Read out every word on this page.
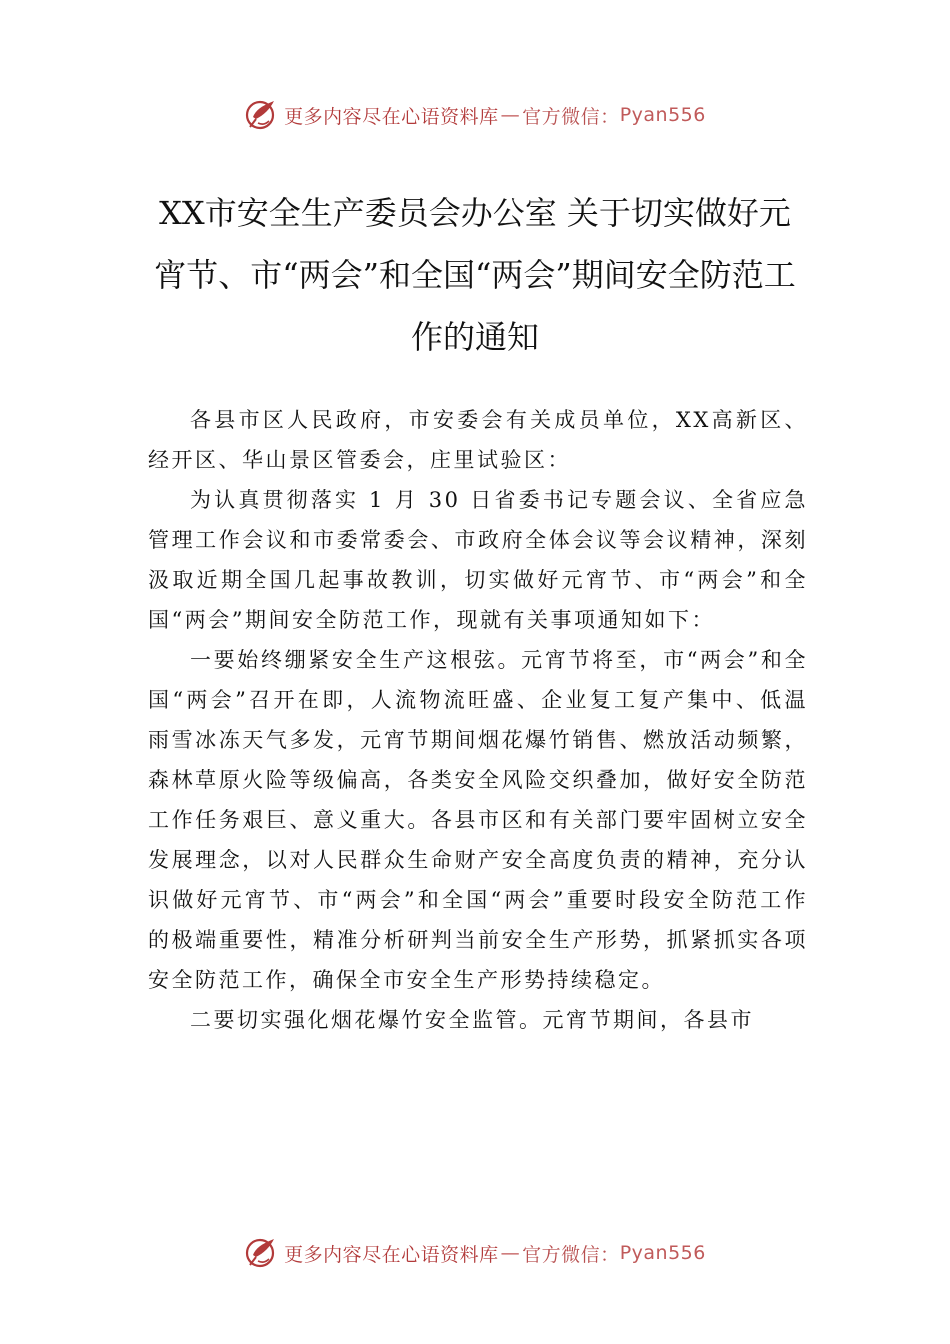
更多内容尽在心语资料库 — 官方微信： Pyan556
XX市安全生产委员会办公室 关于切实做好元宵节、市“两会”和全国“两会”期间安全防范工作的通知

各县市区人民政府，市安委会有关成员单位，XX高新区、经开区、华山景区管委会，庄里试验区：

为认真贯彻落实 1 月 30 日省委书记专题会议、全省应急管理工作会议和市委常委会、市政府全体会议等会议精神，深刻汲取近期全国几起事故教训，切实做好元宵节、市“两会”和全国“两会”期间安全防范工作，现就有关事项通知如下：

一要始终绷紧安全生产这根弦。元宵节将至，市“两会”和全国“两会”召开在即，人流物流旺盛、企业复工复产集中、低温雨雪冰冻天气多发，元宵节期间烟花爆竹销售、燃放活动频繁，森林草原火险等级偏高，各类安全风险交织叠加，做好安全防范工作任务艰巨、意义重大。各县市区和有关部门要牢固树立安全发展理念，以对人民群众生命财产安全高度负责的精神，充分认识做好元宵节、市“两会”和全国“两会”重要时段安全防范工作的极端重要性，精准分析研判当前安全生产形势，抓紧抓实各项安全防范工作，确保全市安全生产形势持续稳定。

二要切实强化烟花爆竹安全监管。元宵节期间，各县市

更多内容尽在心语资料库 — 官方微信： Pyan556
